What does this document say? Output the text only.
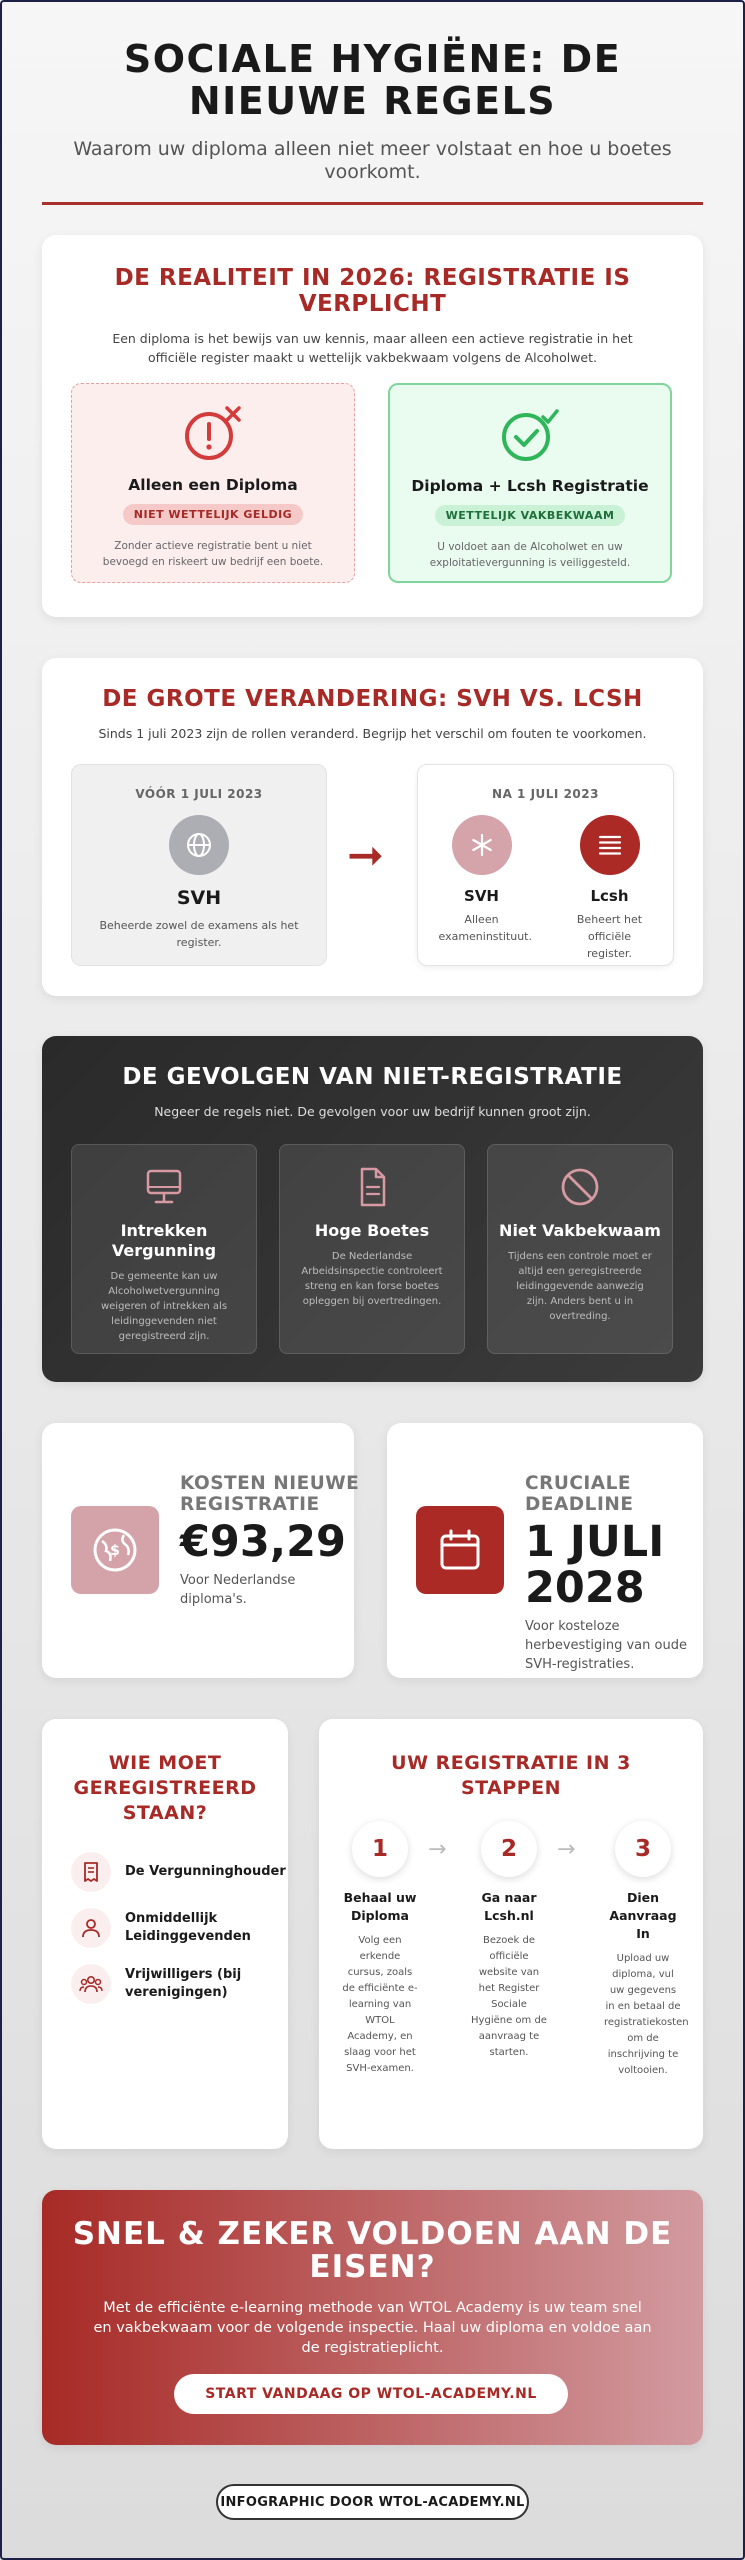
SOCIALE HYGIËNE: DE NIEUWE REGELS

Waarom uw diploma alleen niet meer volstaat en hoe u boetes voorkomt.

DE REALITEIT IN 2026: REGISTRATIE IS VERPLICHT

Een diploma is het bewijs van uw kennis, maar alleen een actieve registratie in het officiële register maakt u wettelijk vakbekwaam volgens de Alcoholwet.

Alleen een Diploma
NIET WETTELIJK GELDIG

Zonder actieve registratie bent u niet bevoegd en riskeert uw bedrijf een boete.

Diploma + Lcsh Registratie
WETTELIJK VAKBEKWAAM

U voldoet aan de Alcoholwet en uw exploitatievergunning is veiliggesteld.

DE GROTE VERANDERING: SVH VS. LCSH

Sinds 1 juli 2023 zijn de rollen veranderd. Begrijp het verschil om fouten te voorkomen.

VÓÓR 1 JULI 2023
SVH

Beheerde zowel de examens als het register.

➞
NA 1 JULI 2023
SVH

Alleen exameninstituut.

Lcsh

Beheert het officiële register.

DE GEVOLGEN VAN NIET-REGISTRATIE

Negeer de regels niet. De gevolgen voor uw bedrijf kunnen groot zijn.

Intrekken Vergunning

De gemeente kan uw Alcoholwetvergunning weigeren of intrekken als leidinggevenden niet geregistreerd zijn.

Hoge Boetes

De Nederlandse Arbeidsinspectie controleert streng en kan forse boetes opleggen bij overtredingen.

Niet Vakbekwaam

Tijdens een controle moet er altijd een geregistreerde leidinggevende aanwezig zijn. Anders bent u in overtreding.

$
KOSTEN NIEUWE REGISTRATIE
€93,29

Voor Nederlandse diploma's.

CRUCIALE DEADLINE
1 JULI 2028

Voor kosteloze herbevestiging van oude SVH-registraties.

WIE MOET GEREGISTREERD STAAN?
De Vergunninghouder
Onmiddellijk Leidinggevenden
Vrijwilligers (bij verenigingen)
UW REGISTRATIE IN 3 STAPPEN
1
Behaal uw Diploma

Volg een erkende cursus, zoals de efficiënte e-learning van WTOL Academy, en slaag voor het SVH-examen.

→	2
Ga naar Lcsh.nl

Bezoek de officiële website van het Register Sociale Hygiëne om de aanvraag te starten.

→	3
Dien Aanvraag In

Upload uw diploma, vul uw gegevens in en betaal de registratiekosten om de inschrijving te voltooien.

SNEL & ZEKER VOLDOEN AAN DE EISEN?

Met de efficiënte e-learning methode van WTOL Academy is uw team snel en vakbekwaam voor de volgende inspectie. Haal uw diploma en voldoe aan de registratieplicht.

START VANDAAG OP WTOL-ACADEMY.NL
INFOGRAPHIC DOOR WTOL-ACADEMY.NL
